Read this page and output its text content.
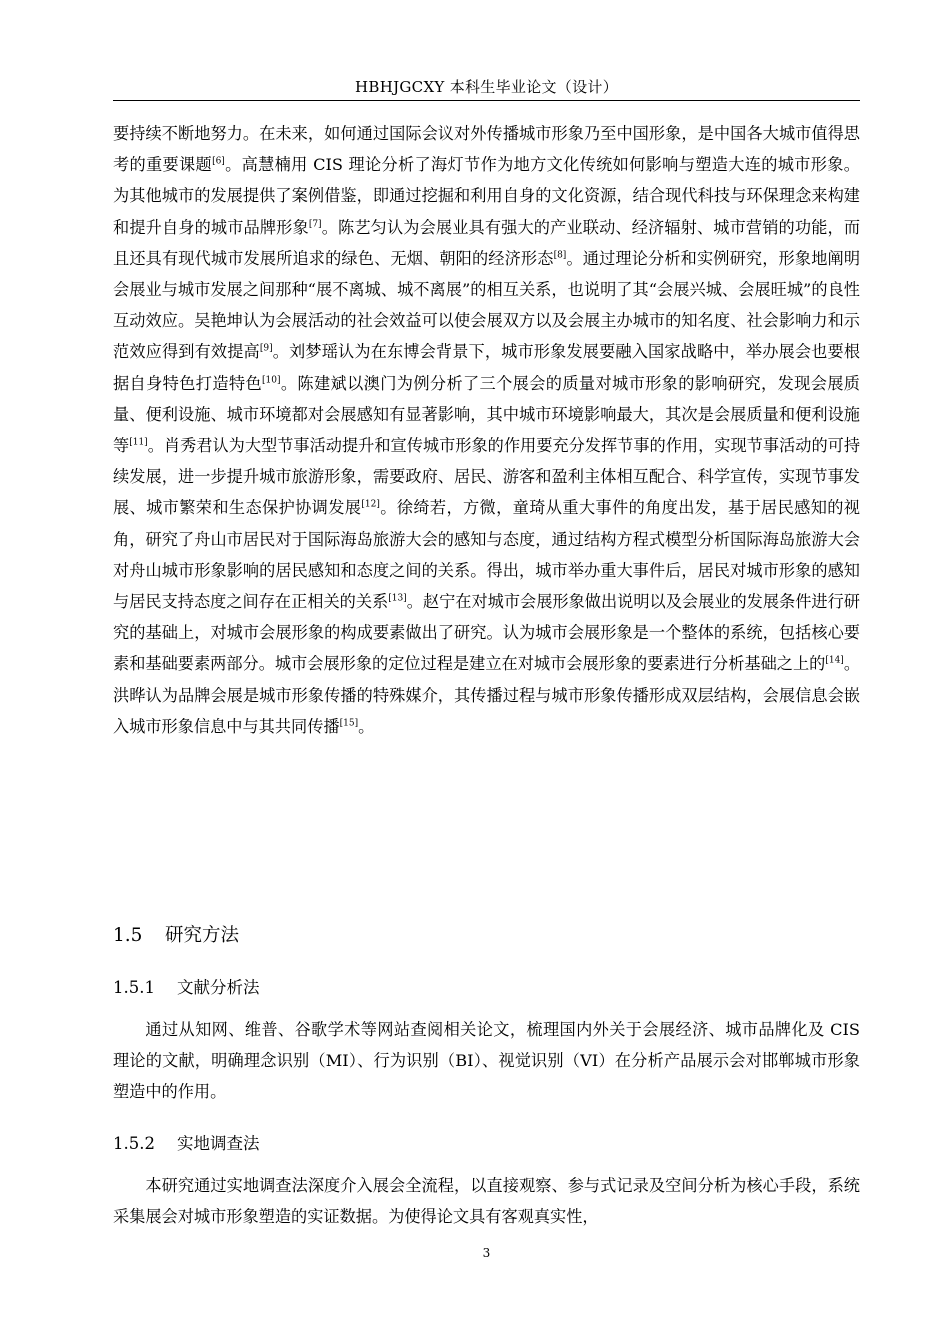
HBHJGCXY 本科生毕业论文（设计）

要持续不断地努力。在未来，如何通过国际会议对外传播城市形象乃至中国形象，是中国各大城市值得思考的重要课题[6]。高慧楠用 CIS 理论分析了海灯节作为地方文化传统如何影响与塑造大连的城市形象。为其他城市的发展提供了案例借鉴，即通过挖掘和利用自身的文化资源，结合现代科技与环保理念来构建和提升自身的城市品牌形象[7]。陈艺匀认为会展业具有强大的产业联动、经济辐射、城市营销的功能，而且还具有现代城市发展所追求的绿色、无烟、朝阳的经济形态[8]。通过理论分析和实例研究，形象地阐明会展业与城市发展之间那种“展不离城、城不离展”的相互关系，也说明了其“会展兴城、会展旺城”的良性互动效应。吴艳坤认为会展活动的社会效益可以使会展双方以及会展主办城市的知名度、社会影响力和示范效应得到有效提高[9]。刘梦瑶认为在东博会背景下，城市形象发展要融入国家战略中，举办展会也要根据自身特色打造特色[10]。陈建斌以澳门为例分析了三个展会的质量对城市形象的影响研究，发现会展质量、便利设施、城市环境都对会展感知有显著影响，其中城市环境影响最大，其次是会展质量和便利设施等[11]。肖秀君认为大型节事活动提升和宣传城市形象的作用要充分发挥节事的作用，实现节事活动的可持续发展，进一步提升城市旅游形象，需要政府、居民、游客和盈利主体相互配合、科学宣传，实现节事发展、城市繁荣和生态保护协调发展[12]。徐绮若，方微，童琦从重大事件的角度出发，基于居民感知的视角，研究了舟山市居民对于国际海岛旅游大会的感知与态度，通过结构方程式模型分析国际海岛旅游大会对舟山城市形象影响的居民感知和态度之间的关系。得出，城市举办重大事件后，居民对城市形象的感知与居民支持态度之间存在正相关的关系[13]。赵宁在对城市会展形象做出说明以及会展业的发展条件进行研究的基础上，对城市会展形象的构成要素做出了研究。认为城市会展形象是一个整体的系统，包括核心要素和基础要素两部分。城市会展形象的定位过程是建立在对城市会展形象的要素进行分析基础之上的[14]。洪晔认为品牌会展是城市形象传播的特殊媒介，其传播过程与城市形象传播形成双层结构，会展信息会嵌入城市形象信息中与其共同传播[15]。

1.5 研究方法
1.5.1 文献分析法

通过从知网、维普、谷歌学术等网站查阅相关论文，梳理国内外关于会展经济、城市品牌化及 CIS 理论的文献，明确理念识别（MI）、行为识别（BI）、视觉识别（VI）在分析产品展示会对邯郸城市形象塑造中的作用。

1.5.2 实地调查法

本研究通过实地调查法深度介入展会全流程，以直接观察、参与式记录及空间分析为核心手段，系统采集展会对城市形象塑造的实证数据。为使得论文具有客观真实性，

3
